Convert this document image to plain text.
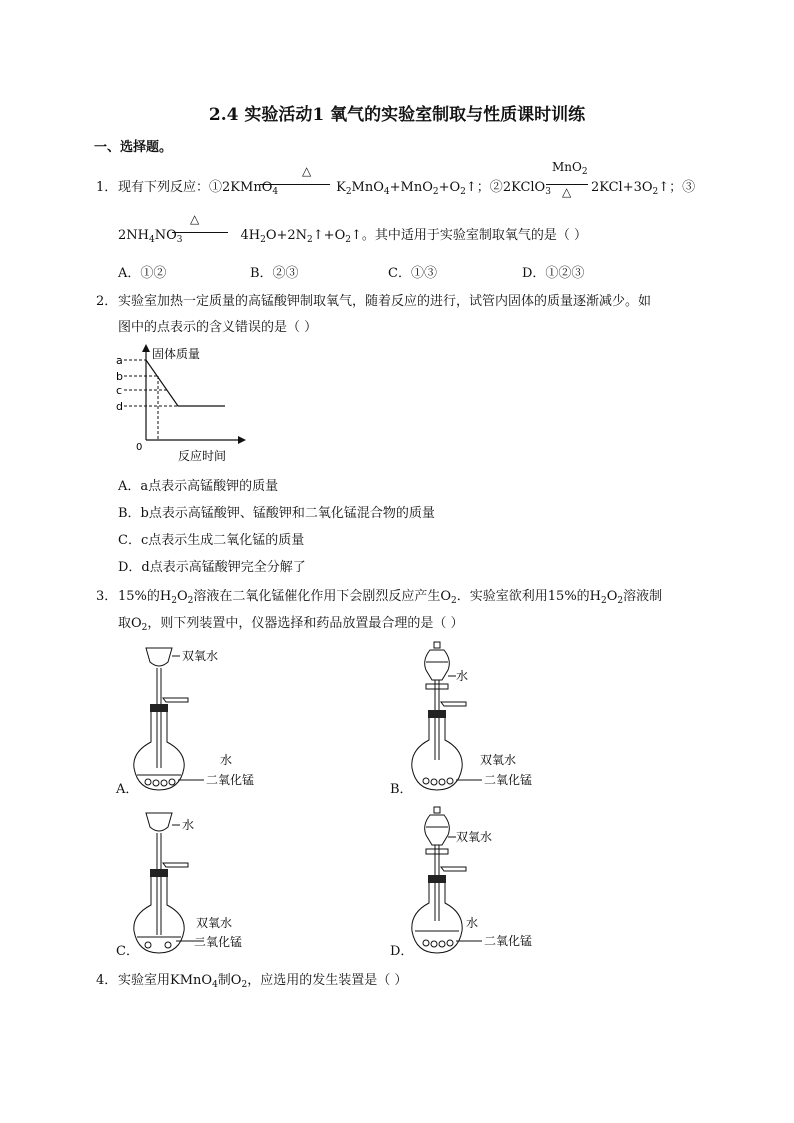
2.4 实验活动1 氧气的实验室制取与性质课时训练
一、选择题。
1． 现有下列反应：①2KMnO$_4$	$K_2MnO_4+MnO_2+O_2↑$；②2KClO$_3$	$2KCl+3O_2↑$；③
△	MnO$_2$
△
$2NH_4NO_3$	$4H_2O+2N_2↑+O_2↑$。其中适用于实验室制取氧气的是（ ）
△
A．①②	B．②③	C．①③	D．①②③
2． 实验室加热一定质量的高锰酸钾制取氧气，随着反应的进行，试管内固体的质量逐渐减少。如
图中的点表示的含义错误的是（ ）
a
b
c
d
0
固体质量
反应时间
A．a点表示高锰酸钾的质量
B．b点表示高锰酸钾、锰酸钾和二氧化锰混合物的质量
C．c点表示生成二氧化锰的质量
D．d点表示高锰酸钾完全分解了
3． 15%的$H_2O_2$溶液在二氧化锰催化作用下会剧烈反应产生$O_2$．实验室欲利用15%的$H_2O_2$溶液制
取$O_2$，则下列装置中，仪器选择和药品放置最合理的是（ ）
双氧水
水
二氧化锰
A．
水
双氧水
二氧化锰
B．
水
双氧水
二氧化锰
C．
双氧水
水
二氧化锰
D．
4． 实验室用KMnO$_4$制$O_2$，应选用的发生装置是（ ）
